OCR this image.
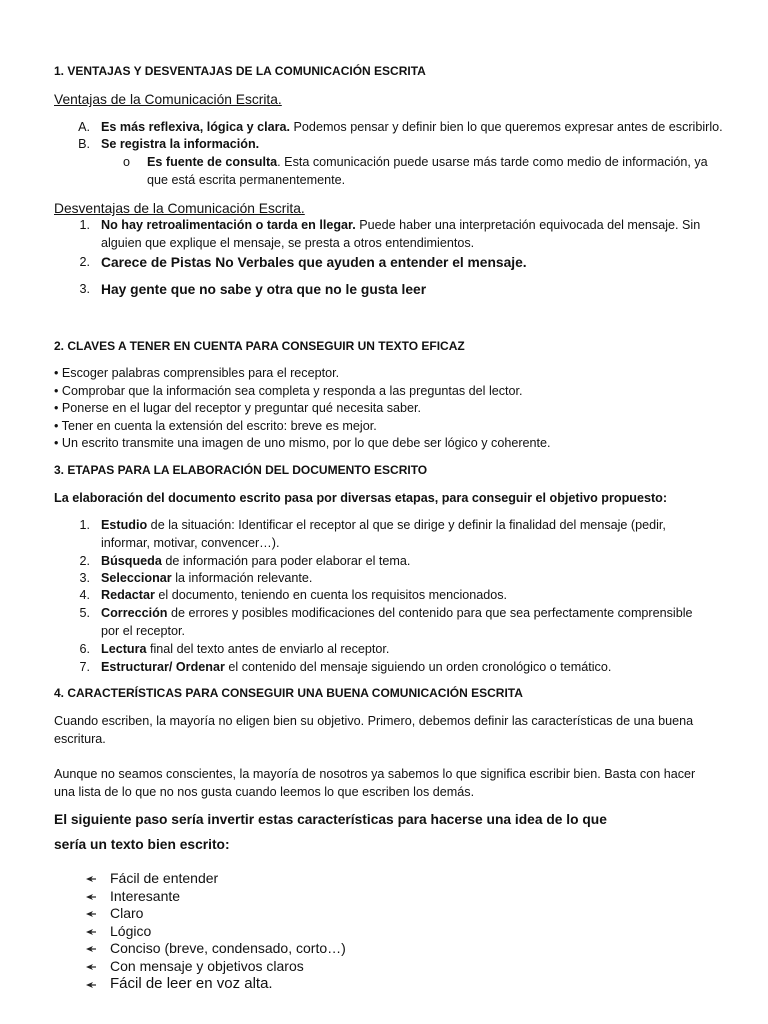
1. VENTAJAS Y DESVENTAJAS DE LA COMUNICACIÓN ESCRITA
Ventajas de la Comunicación Escrita.
A. Es más reflexiva, lógica y clara. Podemos pensar y definir bien lo que queremos expresar antes de escribirlo.
B. Se registra la información.
o Es fuente de consulta. Esta comunicación puede usarse más tarde como medio de información, ya
que está escrita permanentemente.
Desventajas de la Comunicación Escrita.
1. No hay retroalimentación o tarda en llegar. Puede haber una interpretación equivocada del mensaje. Sin
alguien que explique el mensaje, se presta a otros entendimientos.
2. Carece de Pistas No Verbales que ayuden a entender el mensaje.
3. Hay gente que no sabe y otra que no le gusta leer
2. CLAVES A TENER EN CUENTA PARA CONSEGUIR UN TEXTO EFICAZ
• Escoger palabras comprensibles para el receptor.
• Comprobar que la información sea completa y responda a las preguntas del lector.
• Ponerse en el lugar del receptor y preguntar qué necesita saber.
• Tener en cuenta la extensión del escrito: breve es mejor.
• Un escrito transmite una imagen de uno mismo, por lo que debe ser lógico y coherente.
3. ETAPAS PARA LA ELABORACIÓN DEL DOCUMENTO ESCRITO
La elaboración del documento escrito pasa por diversas etapas, para conseguir el objetivo propuesto:
1. Estudio de la situación: Identificar el receptor al que se dirige y definir la finalidad del mensaje (pedir,
informar, motivar, convencer…).
2. Búsqueda de información para poder elaborar el tema.
3. Seleccionar la información relevante.
4. Redactar el documento, teniendo en cuenta los requisitos mencionados.
5. Corrección de errores y posibles modificaciones del contenido para que sea perfectamente comprensible
por el receptor.
6. Lectura final del texto antes de enviarlo al receptor.
7. Estructurar/ Ordenar el contenido del mensaje siguiendo un orden cronológico o temático.
4. CARACTERÍSTICAS PARA CONSEGUIR UNA BUENA COMUNICACIÓN ESCRITA
Cuando escriben, la mayoría no eligen bien su objetivo. Primero, debemos definir las características de una buena
escritura.
Aunque no seamos conscientes, la mayoría de nosotros ya sabemos lo que significa escribir bien. Basta con hacer
una lista de lo que no nos gusta cuando leemos lo que escriben los demás.
El siguiente paso sería invertir estas características para hacerse una idea de lo que
sería un texto bien escrito:
Fácil de entender
Interesante
Claro
Lógico
Conciso (breve, condensado, corto…)
Con mensaje y objetivos claros
Fácil de leer en voz alta.
